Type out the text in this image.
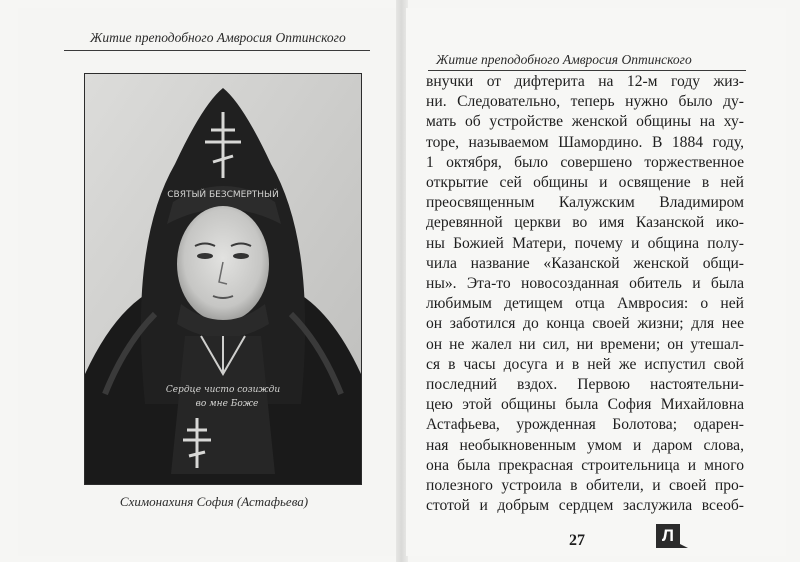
Житие преподобного Амвросия Оптинского
СВЯТЫЙ БЕЗСМЕРТНЫЙ
Сердце чисто созижди
во мне Боже
Схимонахиня София (Астафьева)
Житие преподобного Амвросия Оптинского
внучки от дифтерита на 12-м году жиз-
ни. Следовательно, теперь нужно было ду-
мать об устройстве женской общины на ху-
торе, называемом Шамордино. В 1884 году,
1 октября, было совершено торжественное
открытие сей общины и освящение в ней
преосвященным Калужским Владимиром
деревянной церкви во имя Казанской ико-
ны Божией Матери, почему и община полу-
чила название «Казанской женской общи-
ны». Эта-то новосозданная обитель и была
любимым детищем отца Амвросия: о ней
он заботился до конца своей жизни; для нее
он не жалел ни сил, ни времени; он утешал-
ся в часы досуга и в ней же испустил свой
последний вздох. Первою настоятельни-
цею этой общины была София Михайловна
Астафьева, урожденная Болотова; одарен-
ная необыкновенным умом и даром слова,
она была прекрасная строительница и много
полезного устроила в обители, и своей про-
стотой и добрым сердцем заслужила всеоб-
27	Л
